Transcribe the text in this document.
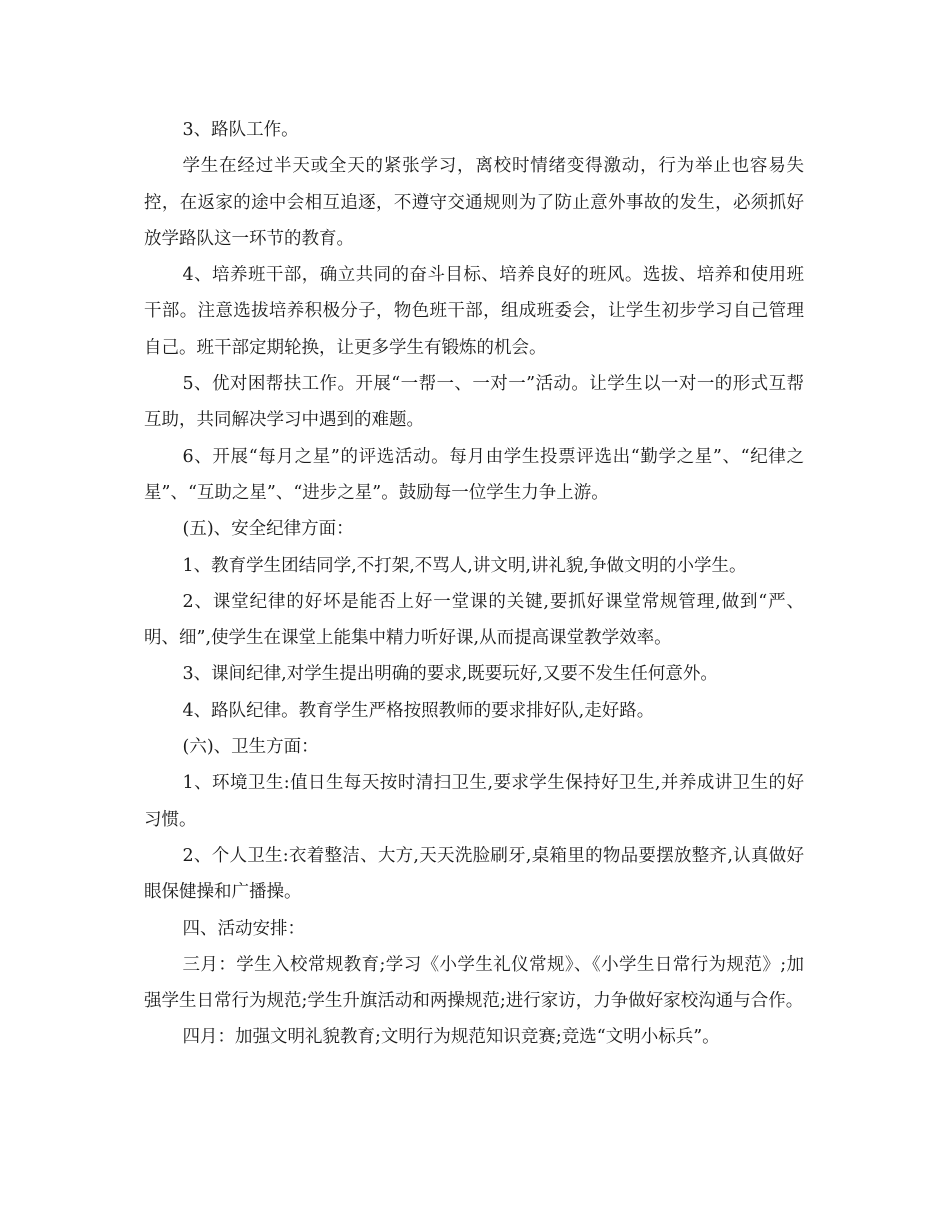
3、路队工作。

学生在经过半天或全天的紧张学习，离校时情绪变得激动，行为举止也容易失控，在返家的途中会相互追逐，不遵守交通规则为了防止意外事故的发生，必须抓好放学路队这一环节的教育。

4、培养班干部，确立共同的奋斗目标、培养良好的班风。选拔、培养和使用班干部。注意选拔培养积极分子，物色班干部，组成班委会，让学生初步学习自己管理自己。班干部定期轮换，让更多学生有锻炼的机会。

5、优对困帮扶工作。开展“一帮一、一对一”活动。让学生以一对一的形式互帮互助，共同解决学习中遇到的难题。

6、开展“每月之星”的评选活动。每月由学生投票评选出“勤学之星”、“纪律之星”、“互助之星”、“进步之星”。鼓励每一位学生力争上游。

(五)、安全纪律方面：

1、教育学生团结同学,不打架,不骂人,讲文明,讲礼貌,争做文明的小学生。

2、课堂纪律的好坏是能否上好一堂课的关键,要抓好课堂常规管理,做到“严、明、细”,使学生在课堂上能集中精力听好课,从而提高课堂教学效率。

3、课间纪律,对学生提出明确的要求,既要玩好,又要不发生任何意外。

4、路队纪律。教育学生严格按照教师的要求排好队,走好路。

(六)、卫生方面：

1、环境卫生:值日生每天按时清扫卫生,要求学生保持好卫生,并养成讲卫生的好习惯。

2、个人卫生:衣着整洁、大方,天天洗脸刷牙,桌箱里的物品要摆放整齐,认真做好眼保健操和广播操。

四、活动安排：

三月：学生入校常规教育;学习《小学生礼仪常规》、《小学生日常行为规范》;加强学生日常行为规范;学生升旗活动和两操规范;进行家访，力争做好家校沟通与合作。

四月：加强文明礼貌教育;文明行为规范知识竞赛;竞选“文明小标兵”。
